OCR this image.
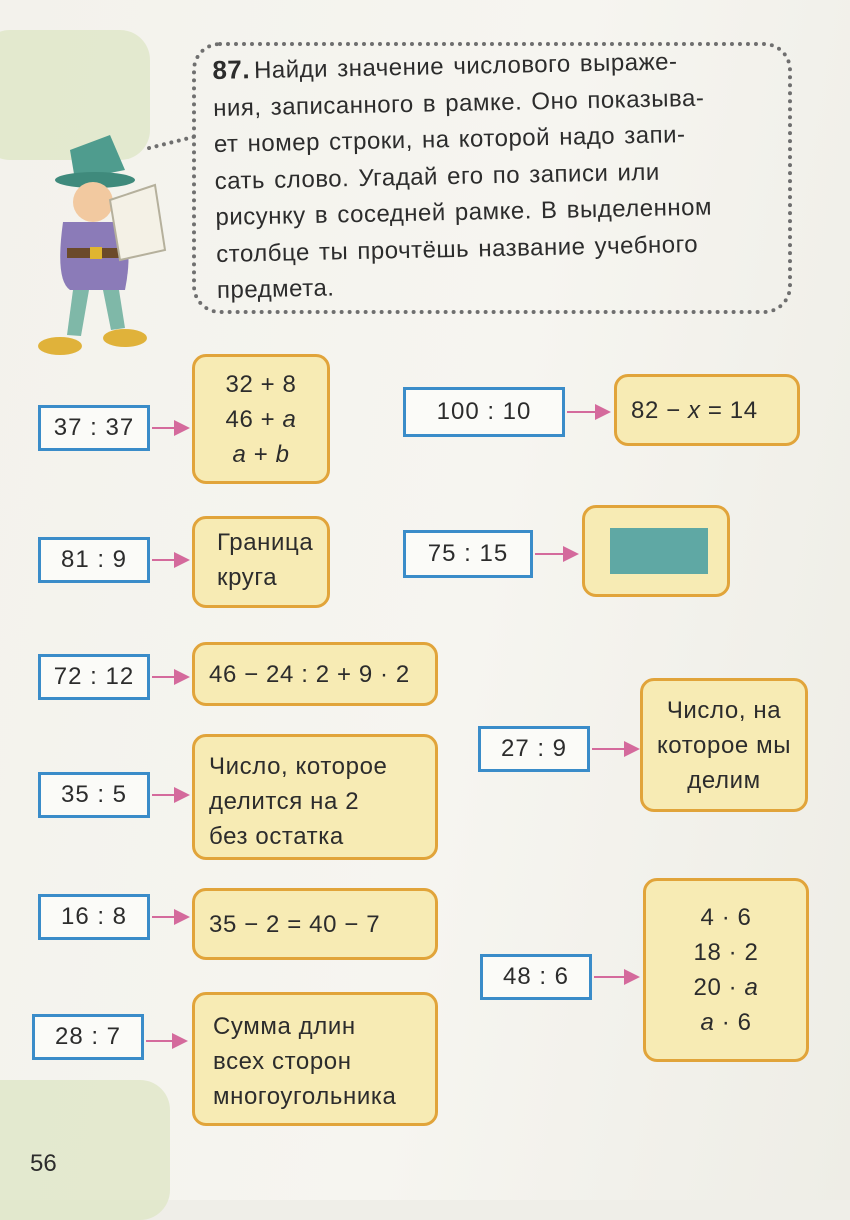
87. Найди значение числового выраже-
ния, записанного в рамке. Оно показыва-
ет номер строки, на которой надо запи-
сать слово. Угадай его по записи или
рисунку в соседней рамке. В выделенном
столбце ты прочтёшь название учебного
предмета.
37 : 37
32 + 8
46 + a
a + b
81 : 9
Граница
круга
72 : 12	46 − 24 : 2 + 9 · 2
35 : 5
Число, которое
делится на 2
без остатка
16 : 8	35 − 2 = 40 − 7
28 : 7	Сумма длин
всех сторон
многоугольника
100 : 10	82 − x = 14
75 : 15
27 : 9
Число, на
которое мы
делим
48 : 6
4 · 6
18 · 2
20 · a
a · 6
56
